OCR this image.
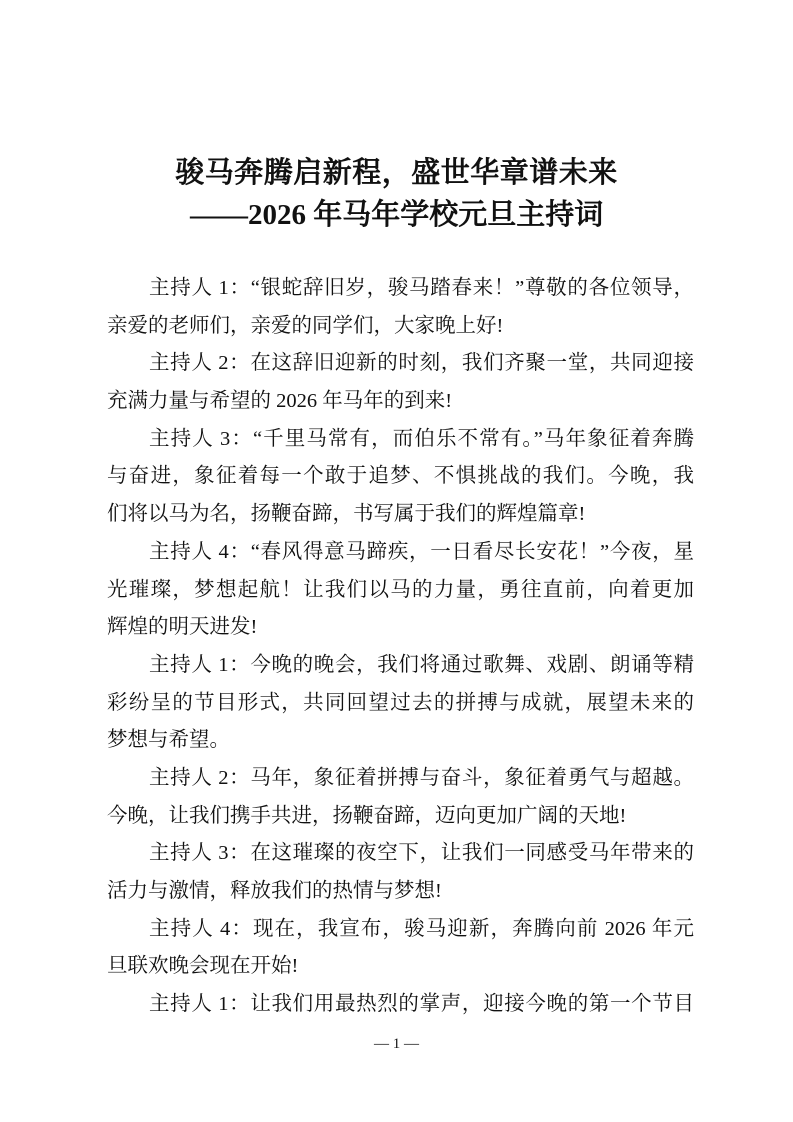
骏马奔腾启新程，盛世华章谱未来
——2026 年马年学校元旦主持词
主持人 1：“银蛇辞旧岁，骏马踏春来！”尊敬的各位领导，
亲爱的老师们，亲爱的同学们，大家晚上好!
主持人 2：在这辞旧迎新的时刻，我们齐聚一堂，共同迎接
充满力量与希望的 2026 年马年的到来!
主持人 3：“千里马常有，而伯乐不常有。”马年象征着奔腾
与奋进，象征着每一个敢于追梦、不惧挑战的我们。今晚，我
们将以马为名，扬鞭奋蹄，书写属于我们的辉煌篇章!
主持人 4：“春风得意马蹄疾，一日看尽长安花！”今夜，星
光璀璨，梦想起航！让我们以马的力量，勇往直前，向着更加
辉煌的明天进发!
主持人 1：今晚的晚会，我们将通过歌舞、戏剧、朗诵等精
彩纷呈的节目形式，共同回望过去的拼搏与成就，展望未来的
梦想与希望。
主持人 2：马年，象征着拼搏与奋斗，象征着勇气与超越。
今晚，让我们携手共进，扬鞭奋蹄，迈向更加广阔的天地!
主持人 3：在这璀璨的夜空下，让我们一同感受马年带来的
活力与激情，释放我们的热情与梦想!
主持人 4：现在，我宣布，骏马迎新，奔腾向前 2026 年元
旦联欢晚会现在开始!
主持人 1：让我们用最热烈的掌声，迎接今晚的第一个节目
— 1 —
